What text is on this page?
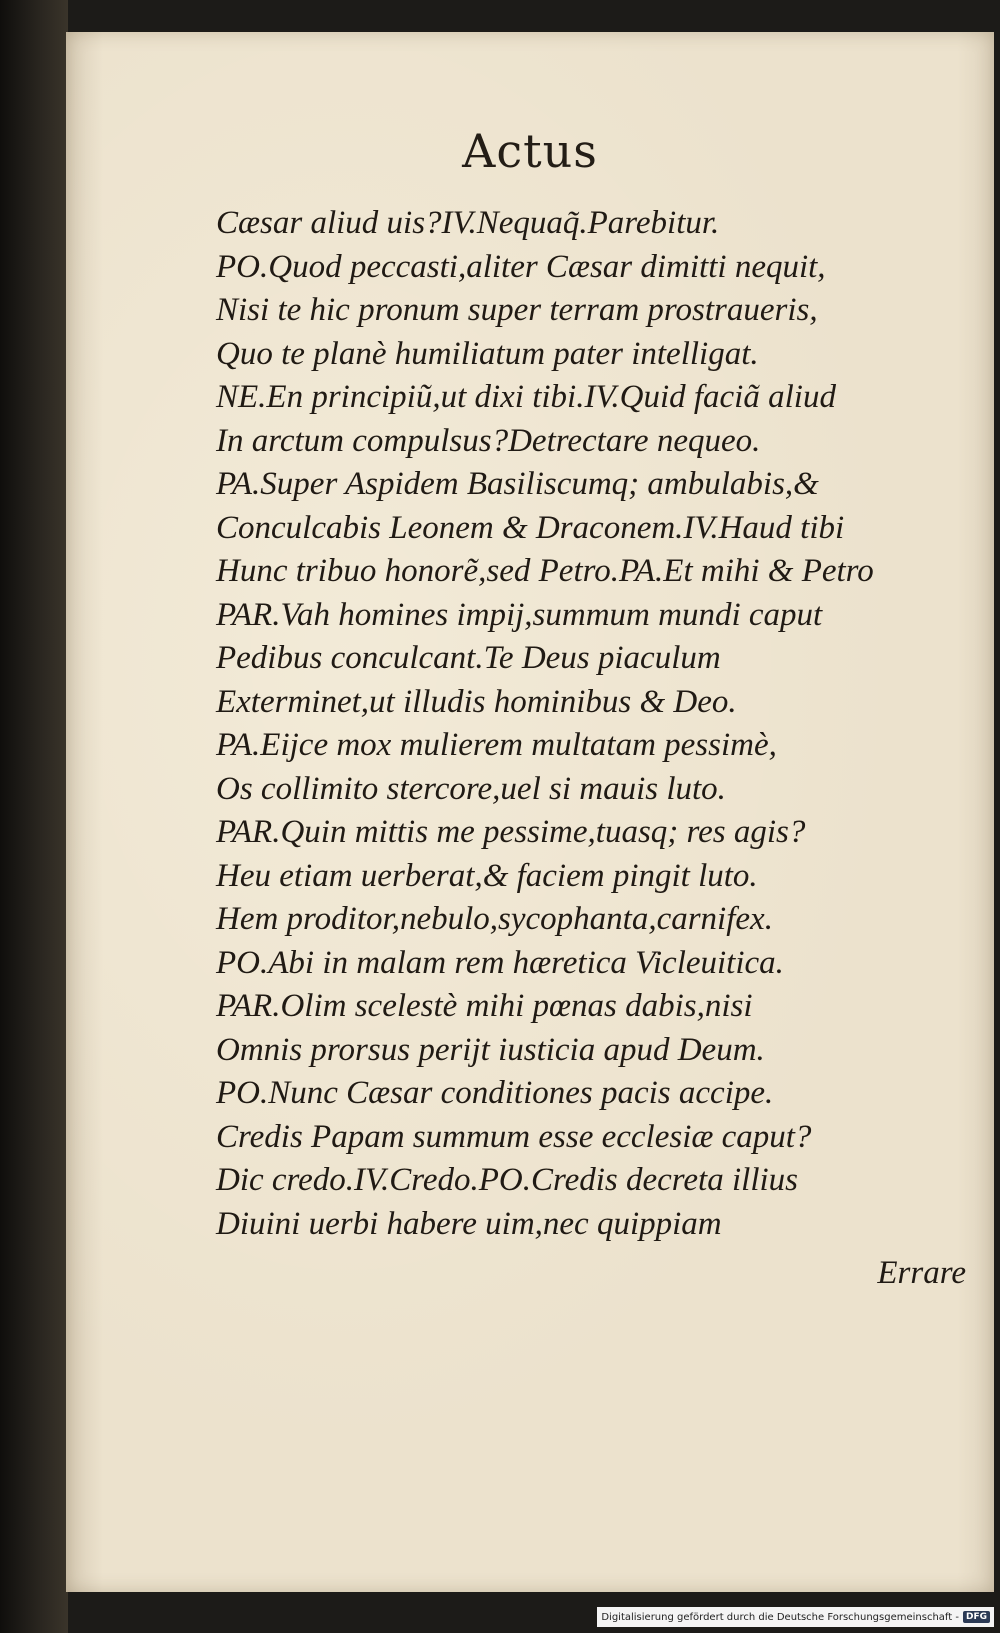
Actus
Cæsar aliud uis?IV.Nequaq̃.Parebitur.
PO.Quod peccasti,aliter Cæsar dimitti nequit,
Nisi te hic pronum super terram prostraueris,
Quo te planè humiliatum pater intelligat.
NE.En principiũ,ut dixi tibi.IV.Quid faciã aliud
In arctum compulsus?Detrectare nequeo.
PA.Super Aspidem Basiliscumq; ambulabis,&
Conculcabis Leonem & Draconem.IV.Haud tibi
Hunc tribuo honorẽ,sed Petro.PA.Et mihi & Petro
PAR.Vah homines impij,summum mundi caput
Pedibus conculcant.Te Deus piaculum
Exterminet,ut illudis hominibus & Deo.
PA.Eijce mox mulierem multatam pessimè,
Os collimito stercore,uel si mauis luto.
PAR.Quin mittis me pessime,tuasq; res agis?
Heu etiam uerberat,& faciem pingit luto.
Hem proditor,nebulo,sycophanta,carnifex.
PO.Abi in malam rem hæretica Vicleuitica.
PAR.Olim scelestè mihi pœnas dabis,nisi
Omnis prorsus perijt iusticia apud Deum.
PO.Nunc Cæsar conditiones pacis accipe.
Credis Papam summum esse ecclesiæ caput?
Dic credo.IV.Credo.PO.Credis decreta illius
Diuini uerbi habere uim,nec quippiam
Errare
Digitalisierung gefördert durch die Deutsche Forschungsgemeinschaft - DFG
